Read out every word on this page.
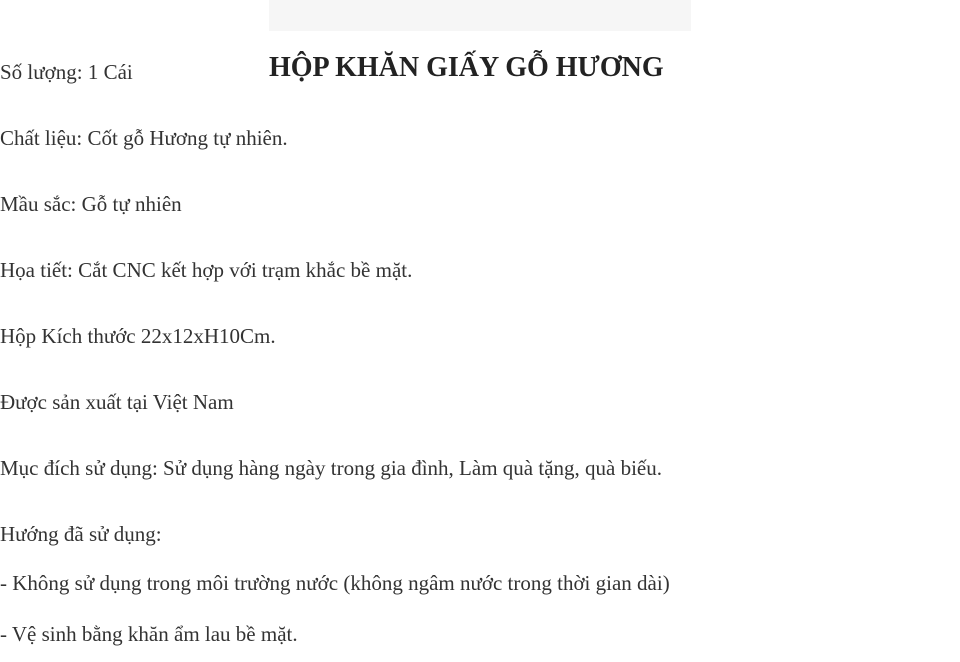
Số lượng: 1 Cái	HỘP KHĂN GIẤY GỖ HƯƠNG
Chất liệu: Cốt gỗ Hương tự nhiên.
Mầu sắc: Gỗ tự nhiên
Họa tiết: Cắt CNC kết hợp với trạm khắc bề mặt.
Hộp Kích thước 22x12xH10Cm.
Được sản xuất tại Việt Nam
Mục đích sử dụng: Sử dụng hàng ngày trong gia đình, Làm quà tặng, quà biếu.
Hướng đã sử dụng:
- Không sử dụng trong môi trường nước (không ngâm nước trong thời gian dài)
- Vệ sinh bằng khăn ẩm lau bề mặt.
